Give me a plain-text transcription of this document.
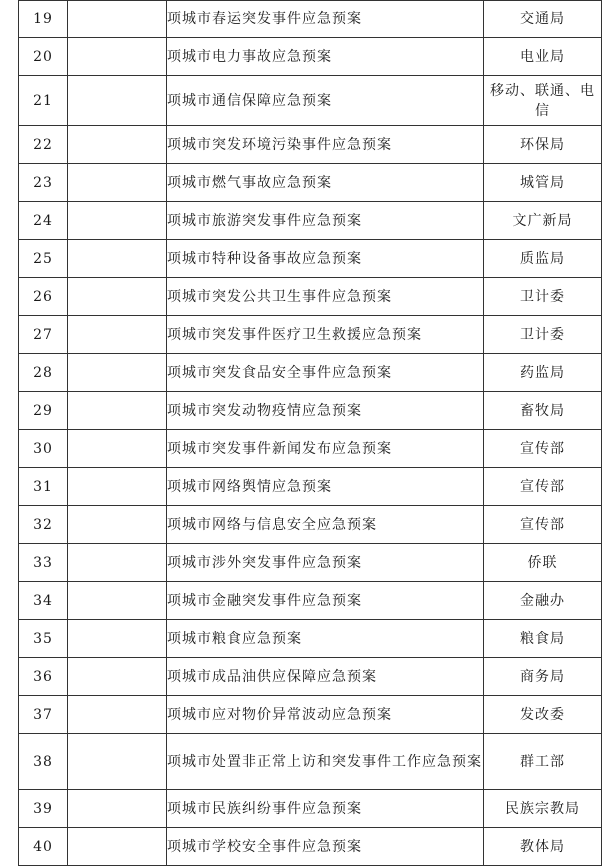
19		项城市春运突发事件应急预案	交通局
20		项城市电力事故应急预案	电业局
21		项城市通信保障应急预案	移动、联通、电信
22		项城市突发环境污染事件应急预案	环保局
23		项城市燃气事故应急预案	城管局
24		项城市旅游突发事件应急预案	文广新局
25		项城市特种设备事故应急预案	质监局
26		项城市突发公共卫生事件应急预案	卫计委
27		项城市突发事件医疗卫生救援应急预案	卫计委
28		项城市突发食品安全事件应急预案	药监局
29		项城市突发动物疫情应急预案	畜牧局
30		项城市突发事件新闻发布应急预案	宣传部
31		项城市网络舆情应急预案	宣传部
32		项城市网络与信息安全应急预案	宣传部
33		项城市涉外突发事件应急预案	侨联
34		项城市金融突发事件应急预案	金融办
35		项城市粮食应急预案	粮食局
36		项城市成品油供应保障应急预案	商务局
37		项城市应对物价异常波动应急预案	发改委
38		项城市处置非正常上访和突发事件工作应急预案	群工部
39		项城市民族纠纷事件应急预案	民族宗教局
40		项城市学校安全事件应急预案	教体局
